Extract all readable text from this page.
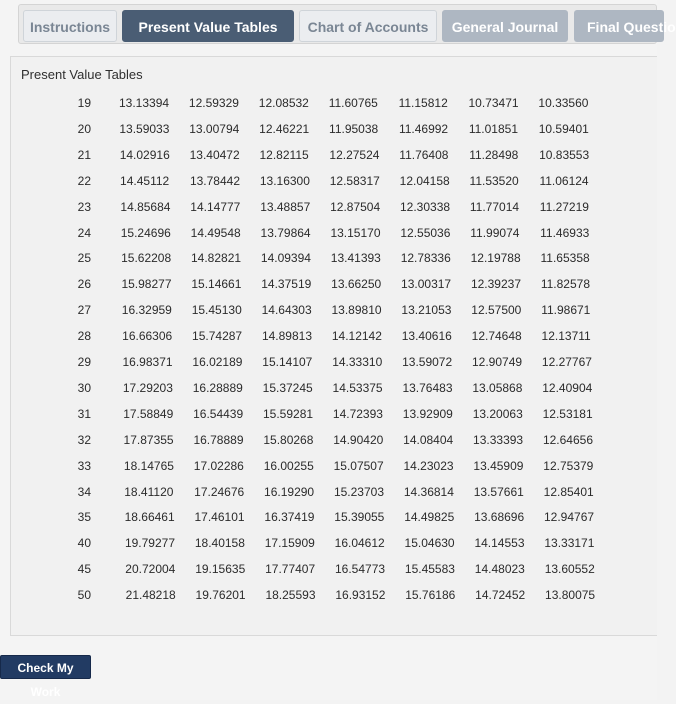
Instructions	Present Value Tables	Chart of Accounts	General Journal	Final Questio
Present Value Tables
19 13.13394 12.59329 12.08532 11.60765 11.15812 10.73471 10.33560
20 13.59033 13.00794 12.46221 11.95038 11.46992 11.01851 10.59401
21 14.02916 13.40472 12.82115 12.27524 11.76408 11.28498 10.83553
22 14.45112 13.78442 13.16300 12.58317 12.04158 11.53520 11.06124
23 14.85684 14.14777 13.48857 12.87504 12.30338 11.77014 11.27219
24 15.24696 14.49548 13.79864 13.15170 12.55036 11.99074 11.46933
25	15.62208 14.82821 14.09394 13.41393 12.78336 12.19788 11.65358
26	15.98277 15.14661 14.37519 13.66250 13.00317 12.39237 11.82578
27	16.32959 15.45130 14.64303 13.89810 13.21053 12.57500 11.98671
28	16.66306 15.74287 14.89813 14.12142 13.40616 12.74648 12.13711
29	16.98371 16.02189 15.14107 14.33310 13.59072 12.90749 12.27767
30	17.29203 16.28889 15.37245 14.53375 13.76483 13.05868 12.40904
31	17.58849 16.54439 15.59281 14.72393 13.92909 13.20063 12.53181
32	17.87355 16.78889 15.80268 14.90420 14.08404 13.33393 12.64656
33	18.14765 17.02286 16.00255 15.07507 14.23023 13.45909 12.75379
34	18.41120 17.24676 16.19290 15.23703 14.36814 13.57661 12.85401
35	18.66461 17.46101 16.37419 15.39055 14.49825 13.68696 12.94767
40	19.79277 18.40158 17.15909 16.04612 15.04630 14.14553 13.33171
45	20.72004 19.15635 17.77407 16.54773 15.45583 14.48023 13.60552
50	21.48218 19.76201 18.25593 16.93152 15.76186 14.72452 13.80075
Check My Work
